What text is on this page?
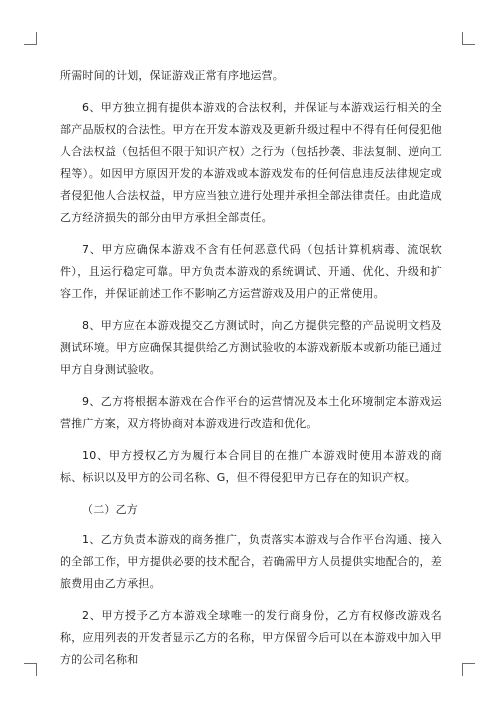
所需时间的计划，保证游戏正常有序地运营。

6、甲方独立拥有提供本游戏的合法权利，并保证与本游戏运行相关的全部产品版权的合法性。甲方在开发本游戏及更新升级过程中不得有任何侵犯他人合法权益（包括但不限于知识产权）之行为（包括抄袭、非法复制、逆向工程等）。如因甲方原因开发的本游戏或本游戏发布的任何信息违反法律规定或者侵犯他人合法权益，甲方应当独立进行处理并承担全部法律责任。由此造成乙方经济损失的部分由甲方承担全部责任。

7、甲方应确保本游戏不含有任何恶意代码（包括计算机病毒、流氓软件），且运行稳定可靠。甲方负责本游戏的系统调试、开通、优化、升级和扩容工作，并保证前述工作不影响乙方运营游戏及用户的正常使用。

8、甲方应在本游戏提交乙方测试时，向乙方提供完整的产品说明文档及测试环境。甲方应确保其提供给乙方测试验收的本游戏新版本或新功能已通过甲方自身测试验收。

9、乙方将根据本游戏在合作平台的运营情况及本土化环境制定本游戏运营推广方案，双方将协商对本游戏进行改造和优化。

10、甲方授权乙方为履行本合同目的在推广本游戏时使用本游戏的商标、标识以及甲方的公司名称、G，但不得侵犯甲方已存在的知识产权。

（二）乙方

1、乙方负责本游戏的商务推广，负责落实本游戏与合作平台沟通、接入的全部工作，甲方提供必要的技术配合，若确需甲方人员提供实地配合的，差旅费用由乙方承担。

2、甲方授予乙方本游戏全球唯一的发行商身份，乙方有权修改游戏名称，应用列表的开发者显示乙方的名称，甲方保留今后可以在本游戏中加入甲方的公司名称和
